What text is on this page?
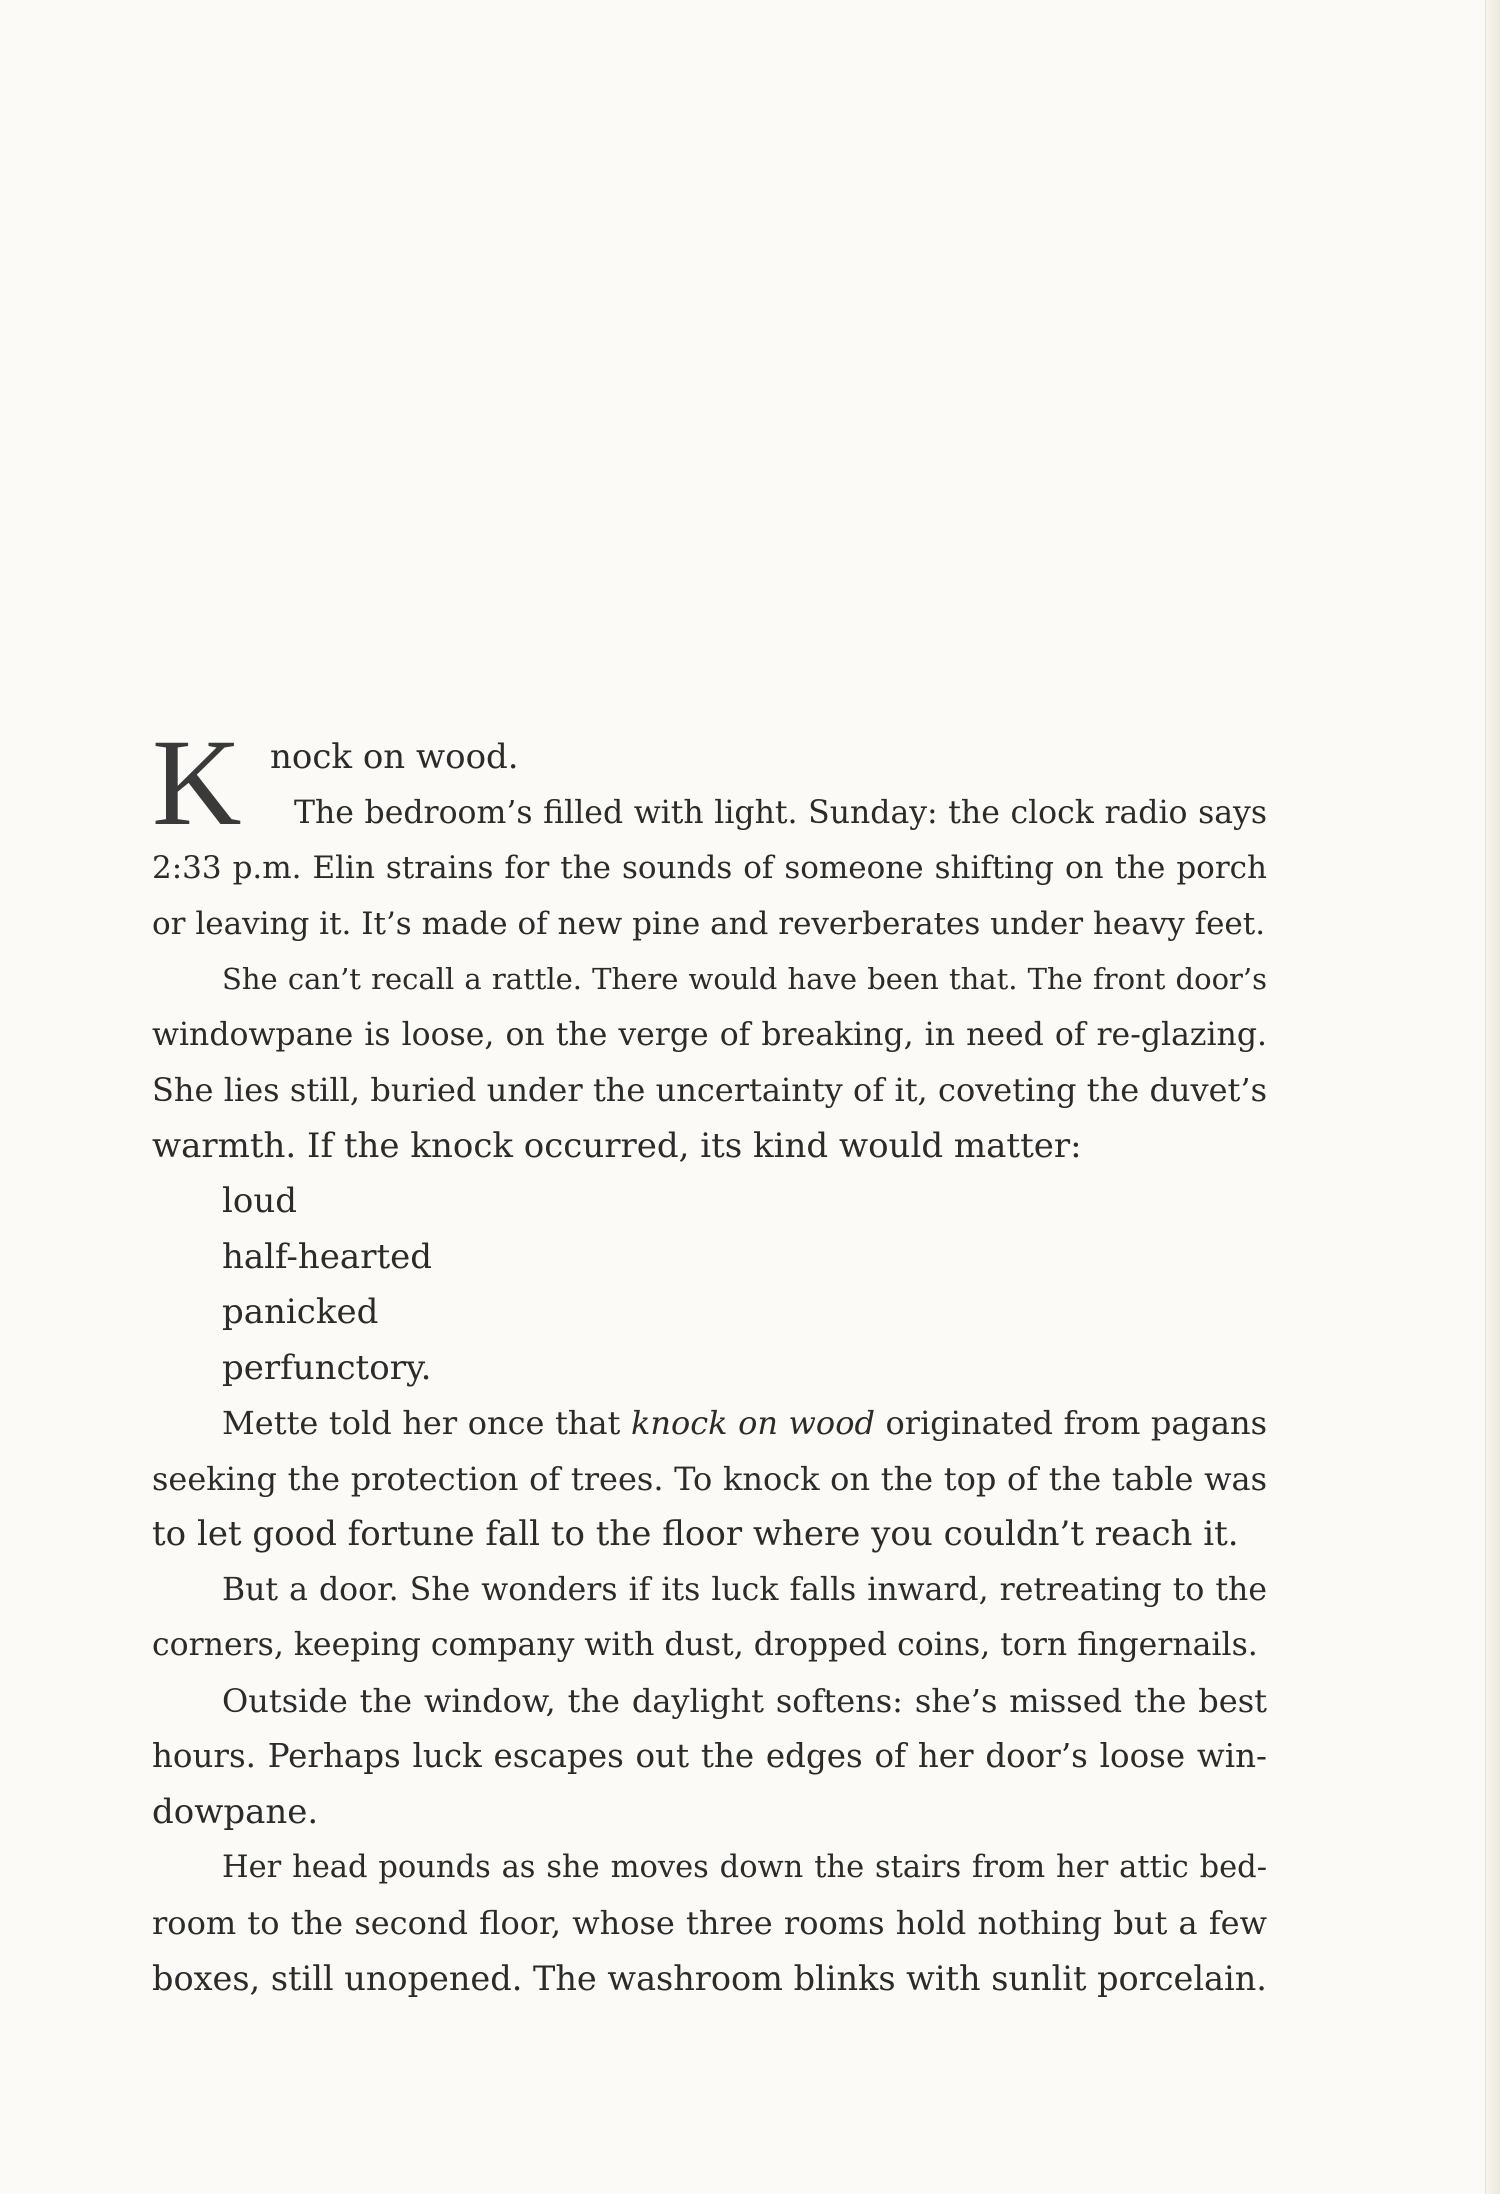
K nock on wood.
The bedroom’s filled with light. Sunday: the clock radio says
2:33 p.m. Elin strains for the sounds of someone shifting on the porch
or leaving it. It’s made of new pine and reverberates under heavy feet.
She can’t recall a rattle. There would have been that. The front door’s
windowpane is loose, on the verge of breaking, in need of re-glazing.
She lies still, buried under the uncertainty of it, coveting the duvet’s
warmth. If the knock occurred, its kind would matter:
loud
half-hearted
panicked
perfunctory.
Mette told her once that knock on wood originated from pagans
seeking the protection of trees. To knock on the top of the table was
to let good fortune fall to the floor where you couldn’t reach it.
But a door. She wonders if its luck falls inward, retreating to the
corners, keeping company with dust, dropped coins, torn fingernails.
Outside the window, the daylight softens: she’s missed the best
hours. Perhaps luck escapes out the edges of her door’s loose win-
dowpane.
Her head pounds as she moves down the stairs from her attic bed-
room to the second floor, whose three rooms hold nothing but a few
boxes, still unopened. The washroom blinks with sunlit porcelain.
